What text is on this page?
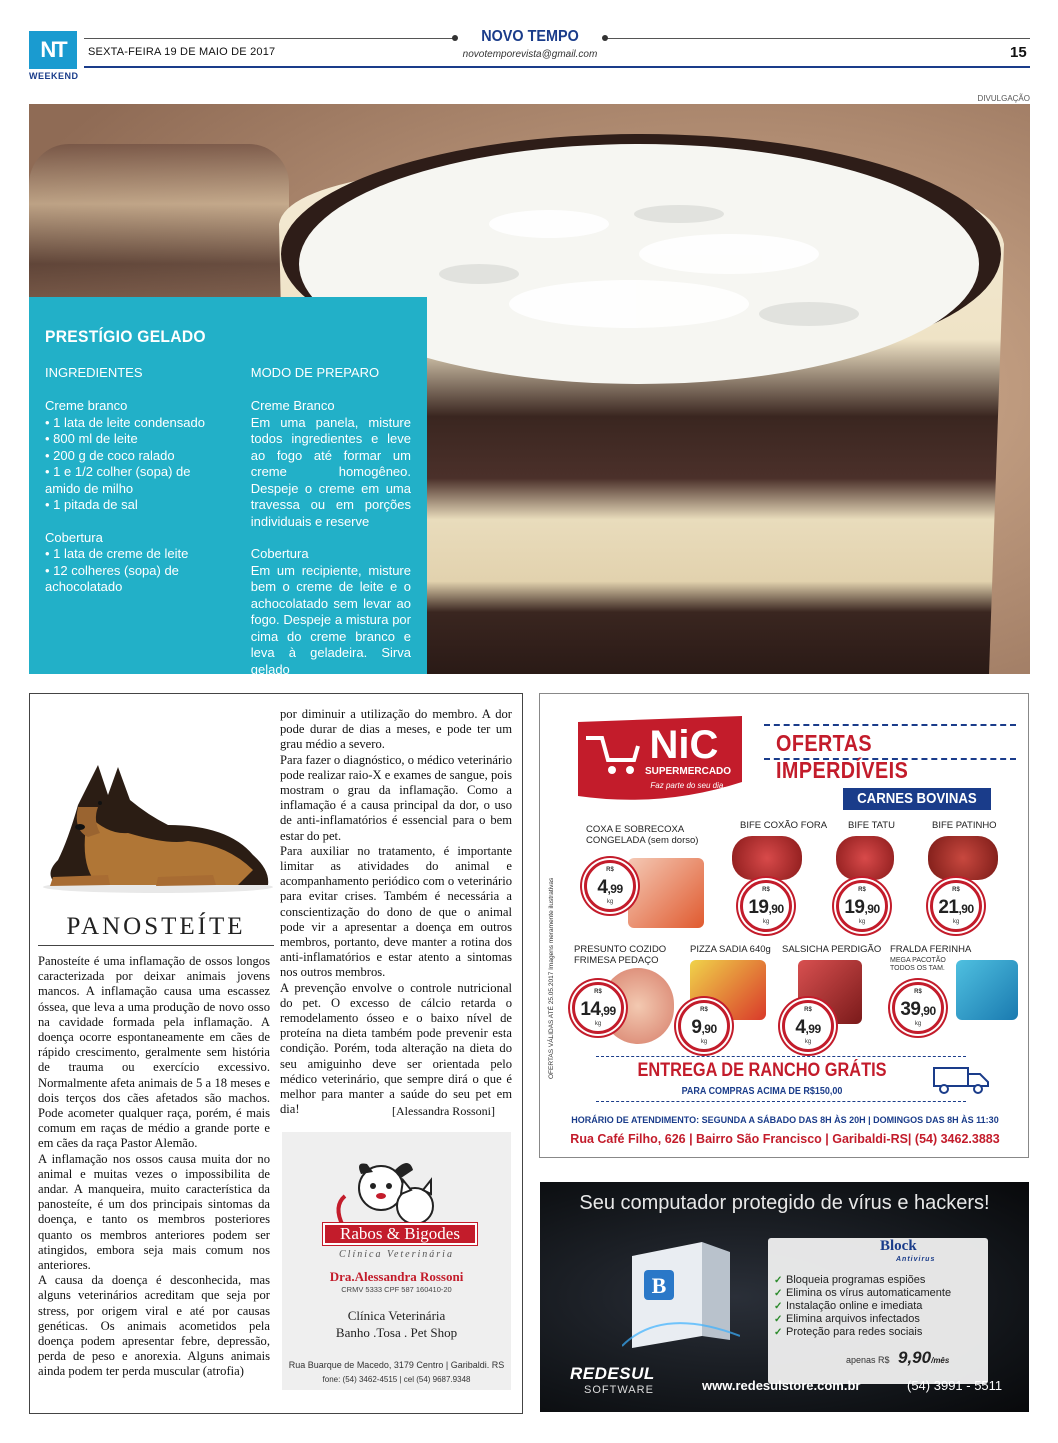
NT
WEEKEND
SEXTA-FEIRA 19 DE MAIO DE 2017
NOVO TEMPO
novotemporevista@gmail.com	15
DIVULGAÇÃO
PRESTÍGIO GELADO
INGREDIENTES
Creme branco
• 1 lata de leite condensado
• 800 ml de leite
• 200 g de coco ralado
• 1 e 1/2 colher (sopa) de amido de milho
• 1 pitada de sal
Cobertura
• 1 lata de creme de leite
• 12 colheres (sopa) de achocolatado
MODO DE PREPARO
Creme Branco
Em uma panela, misture todos ingredientes e leve ao fogo até formar um creme homogêneo. Despeje o creme em uma travessa ou em porções individuais e reserve
Cobertura
Em um recipiente, misture bem o creme de leite e o achocolatado sem levar ao fogo. Despeje a mistura por cima do creme branco e leva à geladeira. Sirva gelado
PANOSTEÍTE

Panosteíte é uma inflamação de ossos longos caracterizada por deixar animais jovens mancos. A inflamação causa uma escassez óssea, que leva a uma produção de novo osso na cavidade formada pela inflamação. A doença ocorre espontaneamente em cães de rápido crescimento, geralmente sem história de trauma ou exercício excessivo. Normalmente afeta animais de 5 a 18 meses e dois terços dos cães afetados são machos. Pode acometer qualquer raça, porém, é mais comum em raças de médio a grande porte e em cães da raça Pastor Alemão.

A inflamação nos ossos causa muita dor no animal e muitas vezes o impossibilita de andar. A manqueira, muito característica da panosteíte, é um dos principais sintomas da doença, e tanto os membros posteriores quanto os membros anteriores podem ser atingidos, embora seja mais comum nos anteriores.

A causa da doença é desconhecida, mas alguns veterinários acreditam que seja por stress, por origem viral e até por causas genéticas. Os animais acometidos pela doença podem apresentar febre, depressão, perda de peso e anorexia. Alguns animais ainda podem ter perda muscular (atrofia)

por diminuir a utilização do membro. A dor pode durar de dias a meses, e pode ter um grau médio a severo.

Para fazer o diagnóstico, o médico veterinário pode realizar raio-X e exames de sangue, pois mostram o grau da inflamação. Como a inflamação é a causa principal da dor, o uso de anti-inflamatórios é essencial para o bem estar do pet.

Para auxiliar no tratamento, é importante limitar as atividades do animal e acompanhamento periódico com o veterinário para evitar crises. Também é necessária a conscientização do dono de que o animal pode vir a apresentar a doença em outros membros, portanto, deve manter a rotina dos anti-inflamatórios e estar atento a sintomas nos outros membros.

A prevenção envolve o controle nutricional do pet. O excesso de cálcio retarda o remodelamento ósseo e o baixo nível de proteína na dieta também pode prevenir esta condição. Porém, toda alteração na dieta do seu amiguinho deve ser orientada pelo médico veterinário, que sempre dirá o que é melhor para manter a saúde do seu pet em dia!	[Alessandra Rossoni]
Rabos & Bigodes
Clínica Veterinária
Dra.Alessandra Rossoni
CRMV 5333 CPF 587 160410-20
Clínica Veterinária
Banho .Tosa . Pet Shop
Rua Buarque de Macedo, 3179 Centro | Garibaldi. RS
fone: (54) 3462-4515 | cel (54) 9687.9348
NiC
SUPERMERCADO
Faz parte do seu dia.
OFERTAS IMPERDÍVEIS
CARNES BOVINAS
OFERTAS VÁLIDAS ATÉ 25.05.2017 Imagens meramente ilustrativas
COXA E SOBRECOXA
CONGELADA (sem dorso)
BIFE COXÃO FORA BIFE TATU	BIFE PATINHO
PRESUNTO COZIDO
FRIMESA PEDAÇO
PIZZA SADIA 640g SALSICHA PERDIGÃO FRALDA FERINHA
MEGA PACOTÃO
TODOS OS TAM.
R$
4,99
kg
R$
19,90
kg
R$
19,90
kg
R$
21,90
kg
R$
14,99
kg
R$
9,90
kg
R$
4,99
kg
R$
39,90
kg
ENTREGA DE RANCHO GRÁTIS
PARA COMPRAS ACIMA DE R$150,00
HORÁRIO DE ATENDIMENTO: SEGUNDA A SÁBADO DAS 8H ÀS 20H | DOMINGOS DAS 8H ÀS 11:30
Rua Café Filho, 626 | Bairro São Francisco | Garibaldi-RS| (54) 3462.3883
Seu computador protegido de vírus e hackers!
B
Block
Antivirus
✓ Bloqueia programas espiões
✓ Elimina os vírus automaticamente
✓ Instalação online e imediata
✓ Elimina arquivos infectados
✓ Proteção para redes sociais
apenas R$ 9,90/mês
REDESUL
SOFTWARE	www.redesulstore.com.br	(54) 3991 - 5511
